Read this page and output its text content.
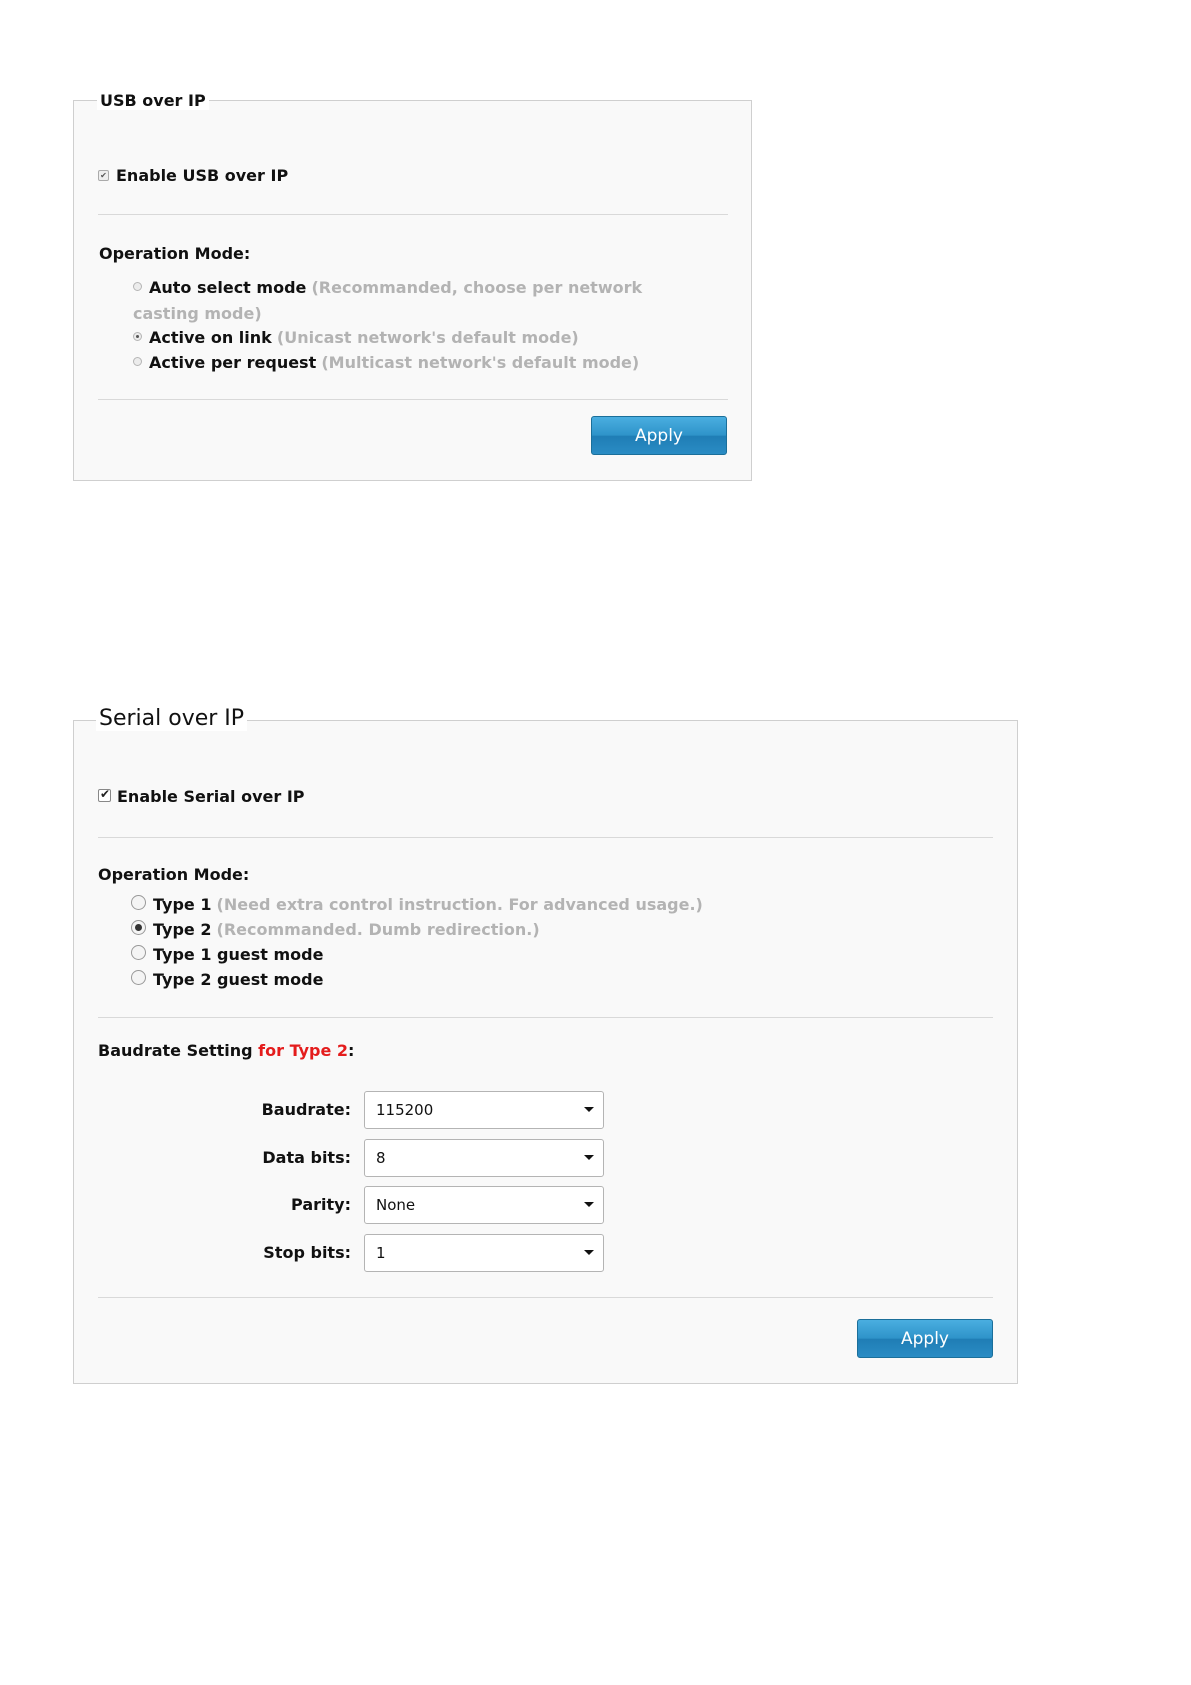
USB over IP
✔ Enable USB over IP
Operation Mode:
Auto select mode (Recommanded, choose per network casting mode)
Active on link (Unicast network's default mode)
Active per request (Multicast network's default mode)
Apply
Serial over IP
✔Enable Serial over IP
Operation Mode:
Type 1 (Need extra control instruction. For advanced usage.)
Type 2 (Recommanded. Dumb redirection.)
Type 1 guest mode
Type 2 guest mode
Baudrate Setting for Type 2:
Baudrate:	115200
Data bits:	8
Parity:	None
Stop bits:	1
Apply
